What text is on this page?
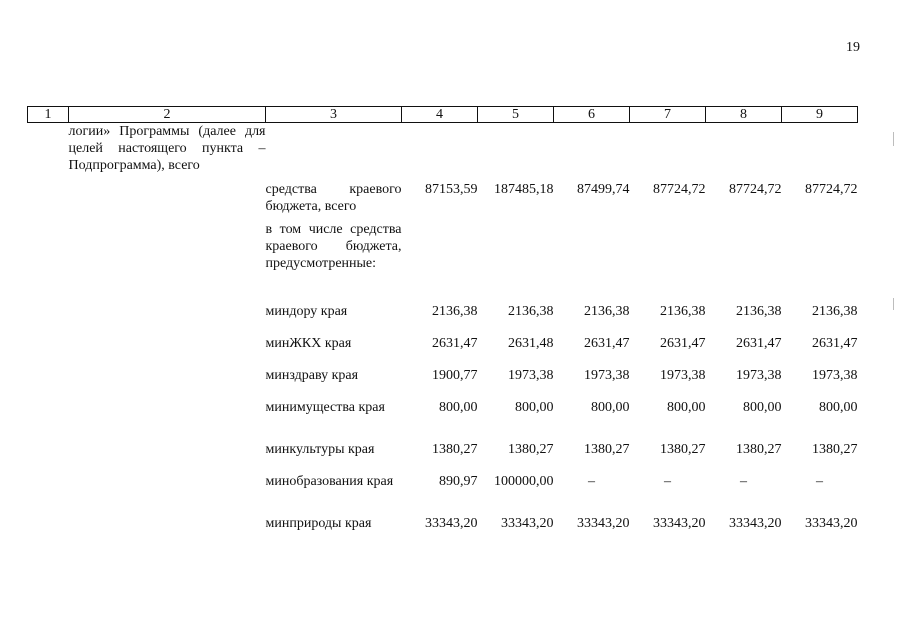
19
1	2	3	4	5	6	7	8	9
	логии» Программы (далее для целей настоящего пункта – Подпрограмма), всего							
		средства краевого бюджета, всего	87153,59	187485,18	87499,74	87724,72	87724,72	87724,72
		в том числе средства краевого бюджета, предусмотренные:						
		миндору края	2136,38	2136,38	2136,38	2136,38	2136,38	2136,38
		минЖКХ края	2631,47	2631,48	2631,47	2631,47	2631,47	2631,47
		минздраву края	1900,77	1973,38	1973,38	1973,38	1973,38	1973,38
		минимущества края	800,00	800,00	800,00	800,00	800,00	800,00
		минкультуры края	1380,27	1380,27	1380,27	1380,27	1380,27	1380,27
		минобразования края	890,97	100000,00	–	–	–	–
		минприроды края	33343,20	33343,20	33343,20	33343,20	33343,20	33343,20
